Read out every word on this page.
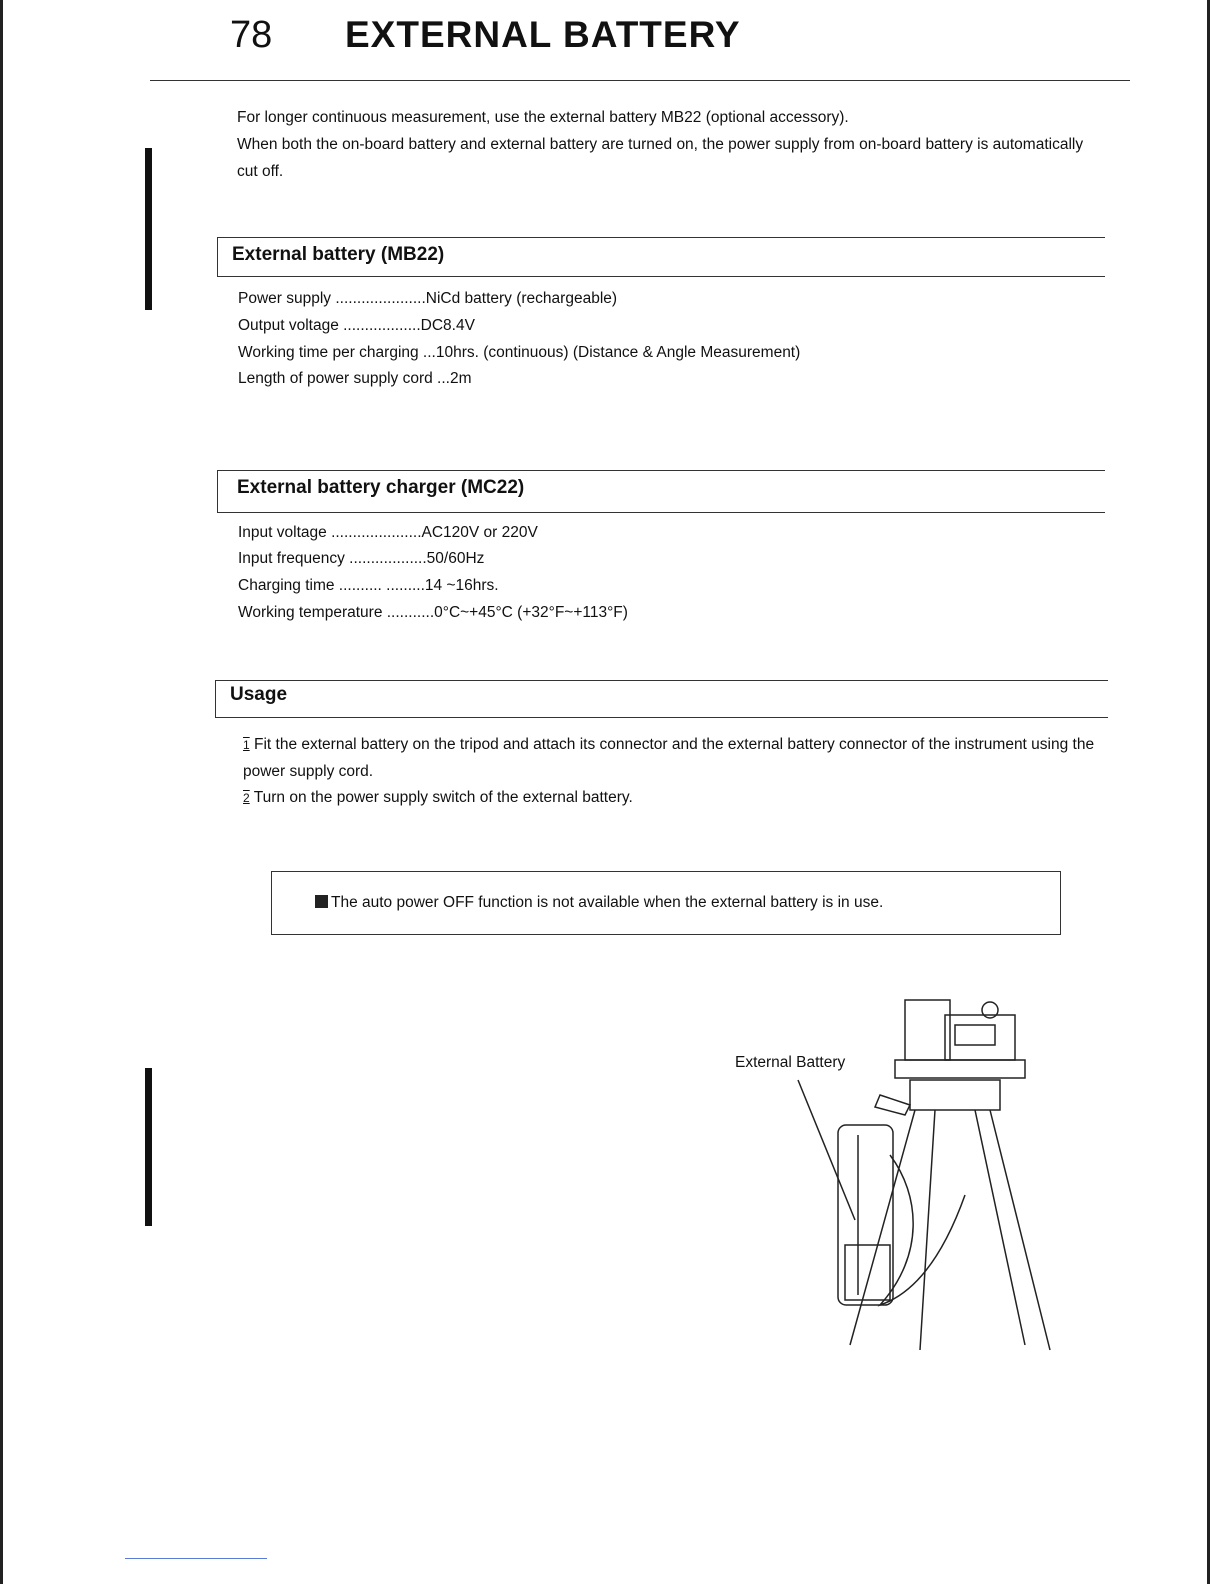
78 EXTERNAL BATTERY
For longer continuous measurement, use the external battery MB22 (optional accessory).
When both the on-board battery and external battery are turned on, the power supply from on-board battery is automatically cut off.
External battery (MB22)
Power supply .....................NiCd battery (rechargeable)
Output voltage ..................DC8.4V
Working time per charging ...10hrs. (continuous) (Distance & Angle Measurement)
Length of power supply cord ...2m
External battery charger (MC22)
Input voltage .....................AC120V or 220V
Input frequency ..................50/60Hz
Charging time .......... .........14 ~16hrs.
Working temperature ...........0°C~+45°C (+32°F~+113°F)
Usage
1 Fit the external battery on the tripod and attach its connector and the external battery connector of the instrument using the power supply cord.
2 Turn on the power supply switch of the external battery.
The auto power OFF function is not available when the external battery is in use.
External Battery
